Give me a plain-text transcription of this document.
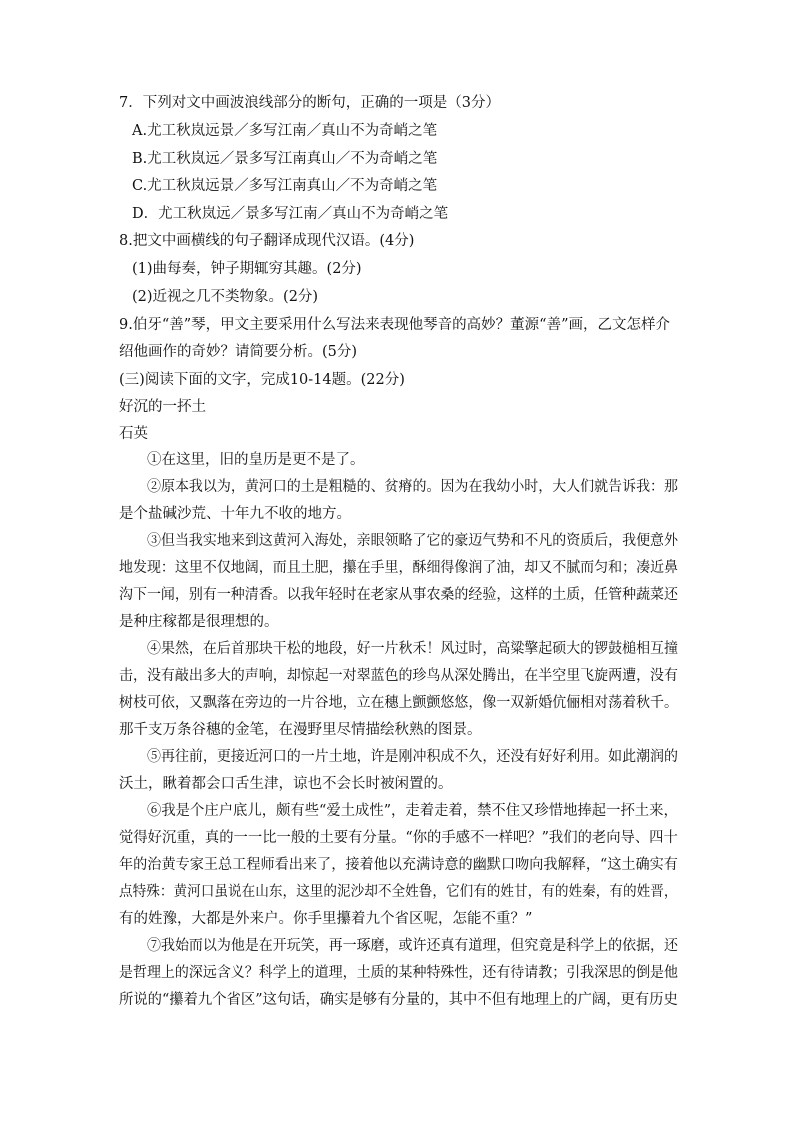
7．下列对文中画波浪线部分的断句，正确的一项是（3分）
A.尤工秋岚远景／多写江南／真山不为奇峭之笔
B.尤工秋岚远／景多写江南真山／不为奇峭之笔
C.尤工秋岚远景／多写江南真山／不为奇峭之笔
D．尤工秋岚远／景多写江南／真山不为奇峭之笔
8.把文中画横线的句子翻译成现代汉语。(4分)
(1)曲每奏，钟子期辄穷其趣。(2分)
(2)近视之几不类物象。(2分)
9.伯牙“善”琴，甲文主要采用什么写法来表现他琴音的高妙？董源“善”画，乙文怎样介
绍他画作的奇妙？请简要分析。(5分)
(三)阅读下面的文字，完成10-14题。(22分)
好沉的一抔土
石英
①在这里，旧的皇历是更不是了。
②原本我以为，黄河口的土是粗糙的、贫瘠的。因为在我幼小时，大人们就告诉我：那
是个盐碱沙荒、十年九不收的地方。
③但当我实地来到这黄河入海处，亲眼领略了它的豪迈气势和不凡的资质后，我便意外
地发现：这里不仅地阔，而且土肥，攥在手里，酥细得像润了油，却又不腻而匀和；凑近鼻
沟下一闻，别有一种清香。以我年轻时在老家从事农桑的经验，这样的土质，任管种蔬菜还
是种庄稼都是很理想的。
④果然，在后首那块干松的地段，好一片秋禾！风过时，高粱擎起硕大的锣鼓槌相互撞
击，没有敲出多大的声响，却惊起一对翠蓝色的珍鸟从深处腾出，在半空里飞旋两遭，没有
树枝可依，又飘落在旁边的一片谷地，立在穗上颤颤悠悠，像一双新婚伉俪相对荡着秋千。
那千支万条谷穗的金笔，在漫野里尽情描绘秋熟的图景。
⑤再往前，更接近河口的一片土地，许是刚冲积成不久，还没有好好利用。如此潮润的
沃土，瞅着都会口舌生津，谅也不会长时被闲置的。
⑥我是个庄户底儿，颇有些“爱土成性”，走着走着，禁不住又珍惜地捧起一抔土来，
觉得好沉重，真的一一比一般的土要有分量。“你的手感不一样吧？”我们的老向导、四十
年的治黄专家王总工程师看出来了，接着他以充满诗意的幽默口吻向我解释，“这土确实有
点特殊：黄河口虽说在山东，这里的泥沙却不全姓鲁，它们有的姓甘，有的姓秦，有的姓晋，
有的姓豫，大都是外来户。你手里攥着九个省区呢，怎能不重？”
⑦我始而以为他是在开玩笑，再一琢磨，或许还真有道理，但究竟是科学上的依据，还
是哲理上的深远含义？科学上的道理，土质的某种特殊性，还有待请教；引我深思的倒是他
所说的“攥着九个省区”这句话，确实是够有分量的，其中不但有地理上的广阔，更有历史
